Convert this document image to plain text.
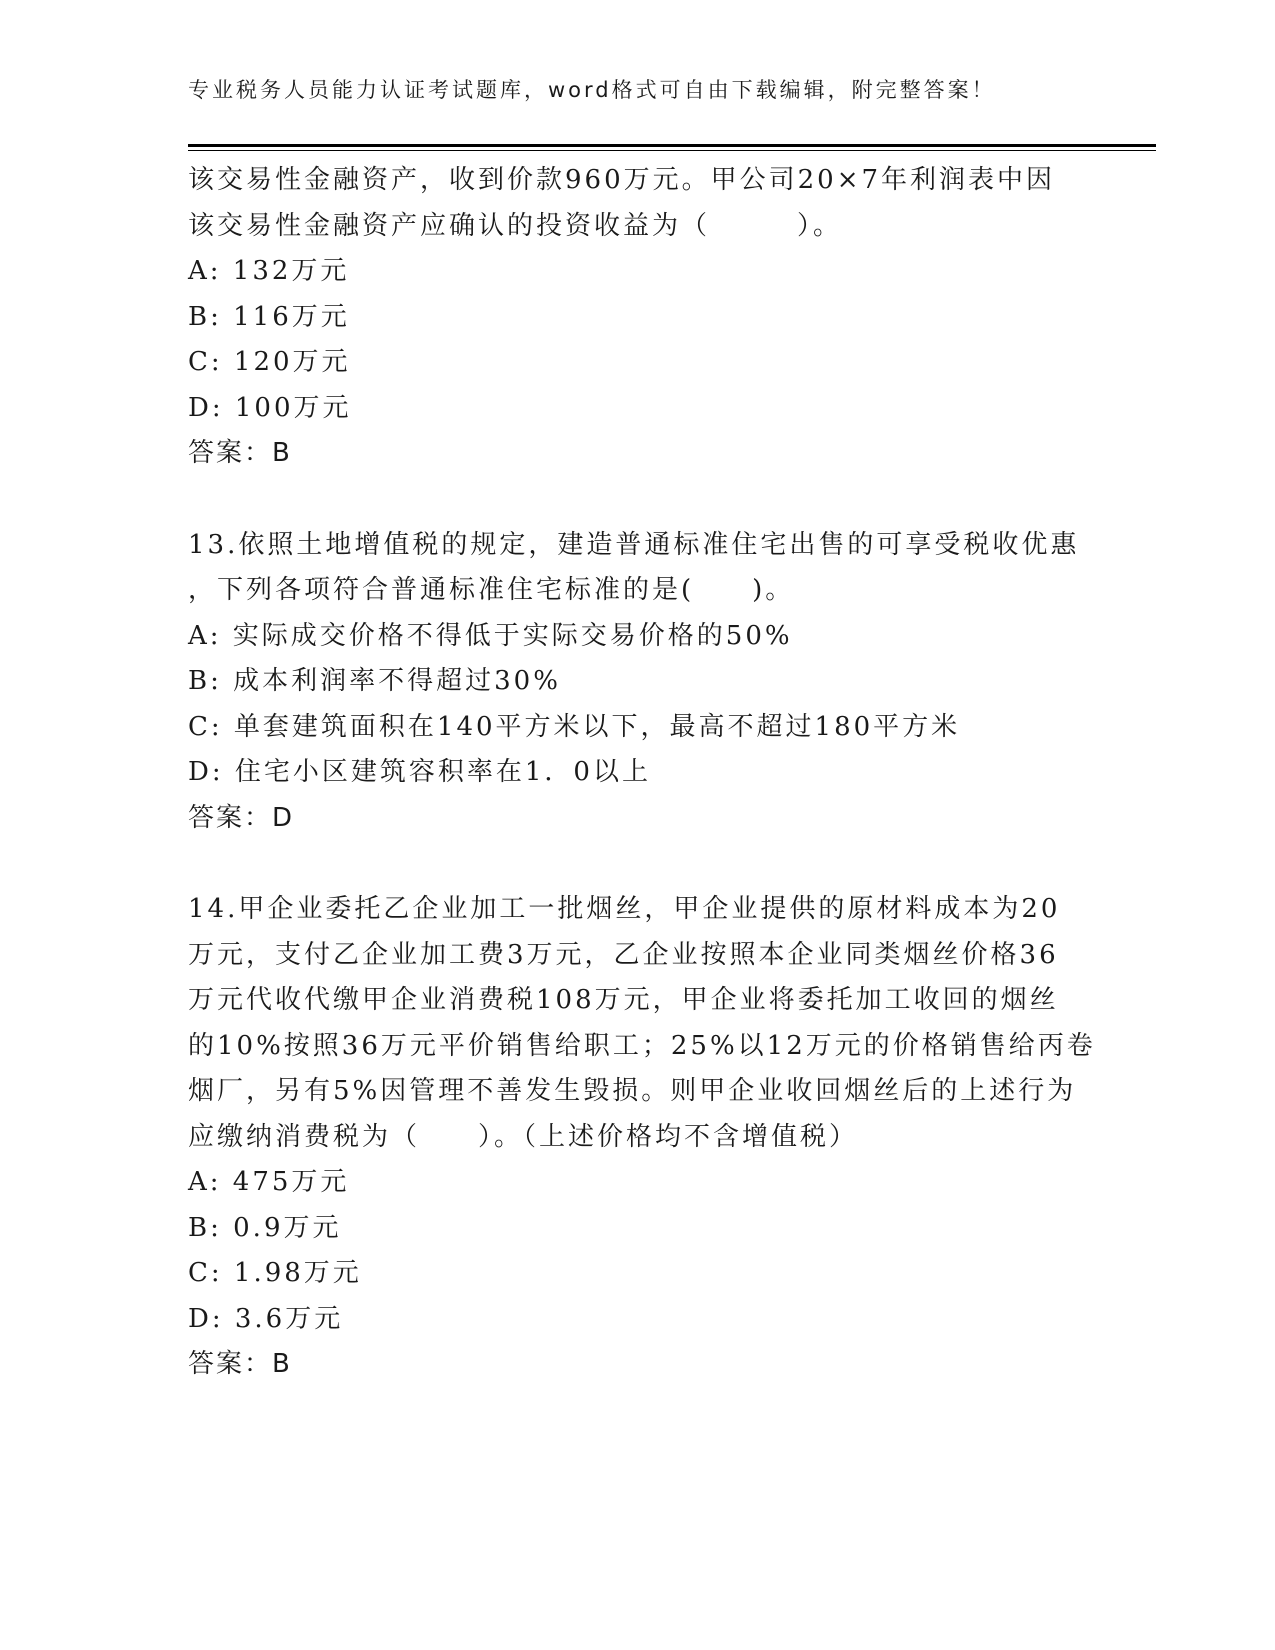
专业税务人员能力认证考试题库，word格式可自由下载编辑，附完整答案！
该交易性金融资产，收到价款960万元。甲公司20×7年利润表中因
该交易性金融资产应确认的投资收益为（　　　）。
A: 132万元
B: 116万元
C: 120万元
D: 100万元
答案：B
13.依照土地增值税的规定，建造普通标准住宅出售的可享受税收优惠
，下列各项符合普通标准住宅标准的是(　　)。
A: 实际成交价格不得低于实际交易价格的50%
B: 成本利润率不得超过30%
C: 单套建筑面积在140平方米以下，最高不超过180平方米
D: 住宅小区建筑容积率在1．0以上
答案：D
14.甲企业委托乙企业加工一批烟丝，甲企业提供的原材料成本为20
万元，支付乙企业加工费3万元，乙企业按照本企业同类烟丝价格36
万元代收代缴甲企业消费税108万元，甲企业将委托加工收回的烟丝
的10%按照36万元平价销售给职工；25%以12万元的价格销售给丙卷
烟厂，另有5%因管理不善发生毁损。则甲企业收回烟丝后的上述行为
应缴纳消费税为（　　）。（上述价格均不含增值税）
A: 475万元
B: 0.9万元
C: 1.98万元
D: 3.6万元
答案：B
